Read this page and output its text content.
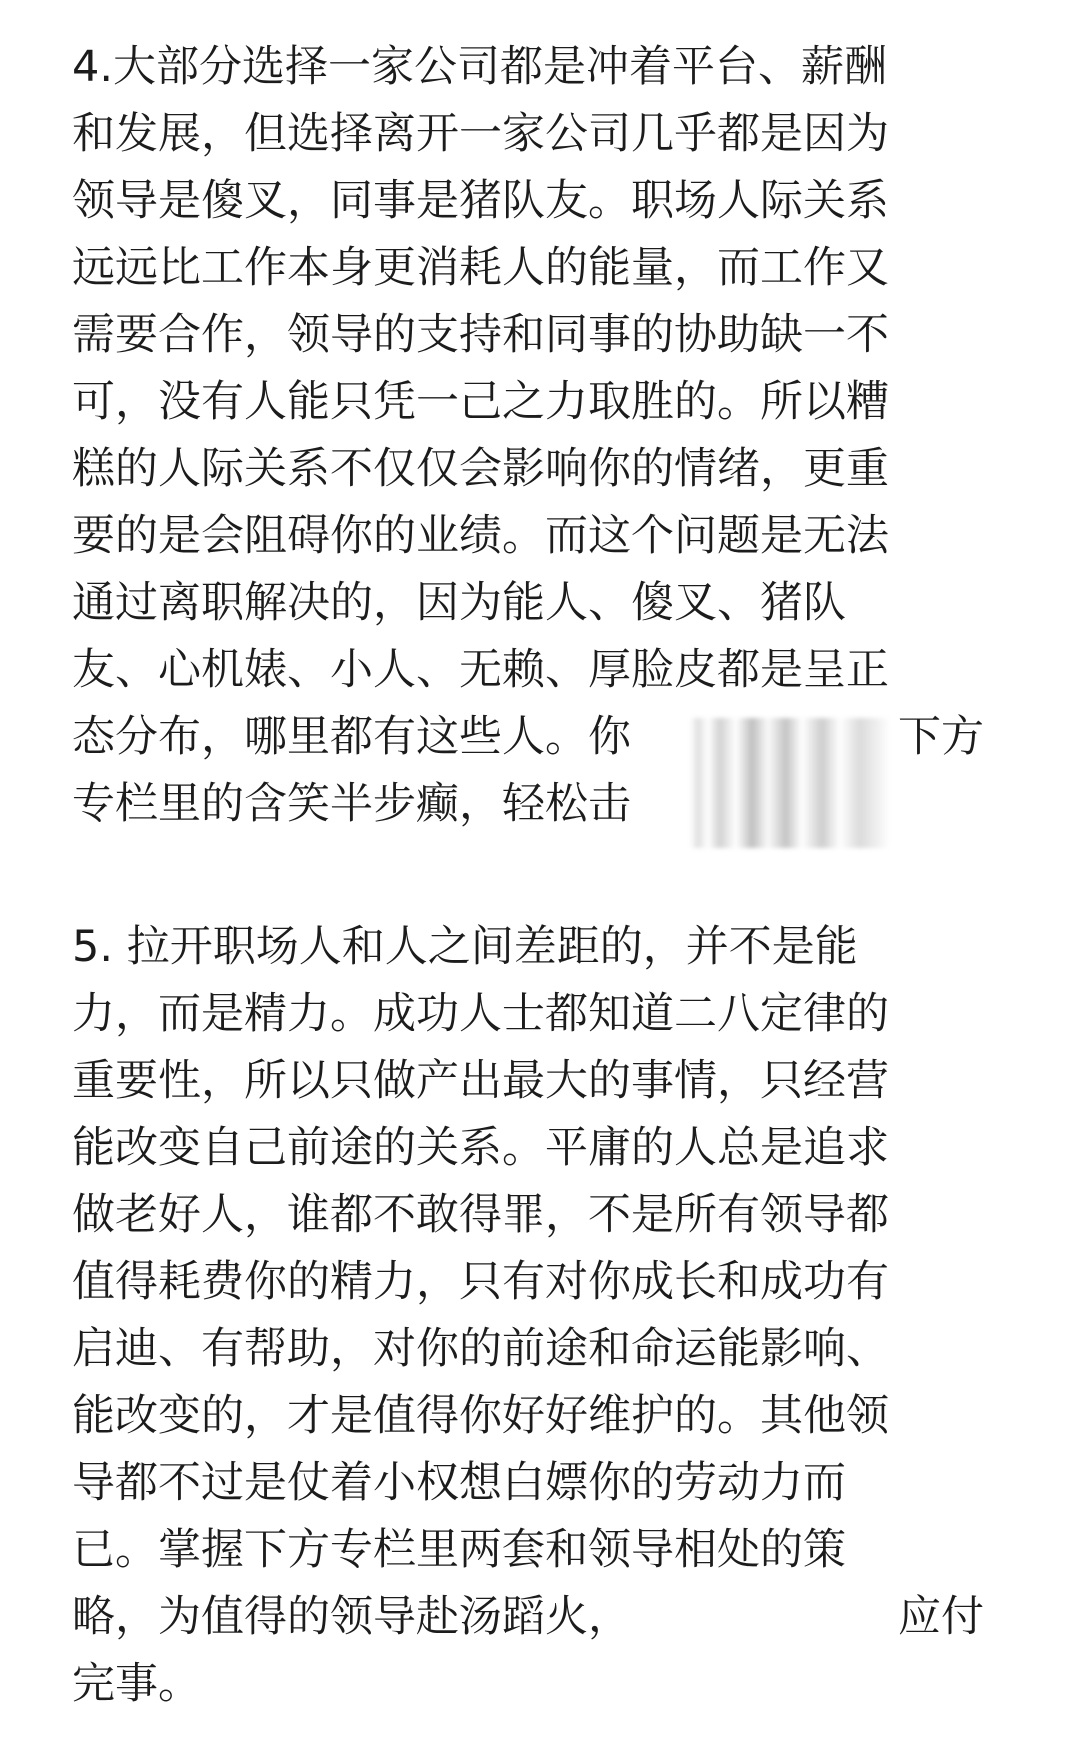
4.大部分选择一家公司都是冲着平台、薪酬
和发展，但选择离开一家公司几乎都是因为
领导是傻叉，同事是猪队友。职场人际关系
远远比工作本身更消耗人的能量，而工作又
需要合作，领导的支持和同事的协助缺一不
可，没有人能只凭一己之力取胜的。所以糟
糕的人际关系不仅仅会影响你的情绪，更重
要的是会阻碍你的业绩。而这个问题是无法
通过离职解决的，因为能人、傻叉、猪队
友、心机婊、小人、无赖、厚脸皮都是呈正
态分布，哪里都有这些人。你	下方
专栏里的含笑半步癫，轻松击
5. 拉开职场人和人之间差距的，并不是能
力，而是精力。成功人士都知道二八定律的
重要性，所以只做产出最大的事情，只经营
能改变自己前途的关系。平庸的人总是追求
做老好人，谁都不敢得罪，不是所有领导都
值得耗费你的精力，只有对你成长和成功有
启迪、有帮助，对你的前途和命运能影响、
能改变的，才是值得你好好维护的。其他领
导都不过是仗着小权想白嫖你的劳动力而
已。掌握下方专栏里两套和领导相处的策
略，为值得的领导赴汤蹈火，	应付
完事。
